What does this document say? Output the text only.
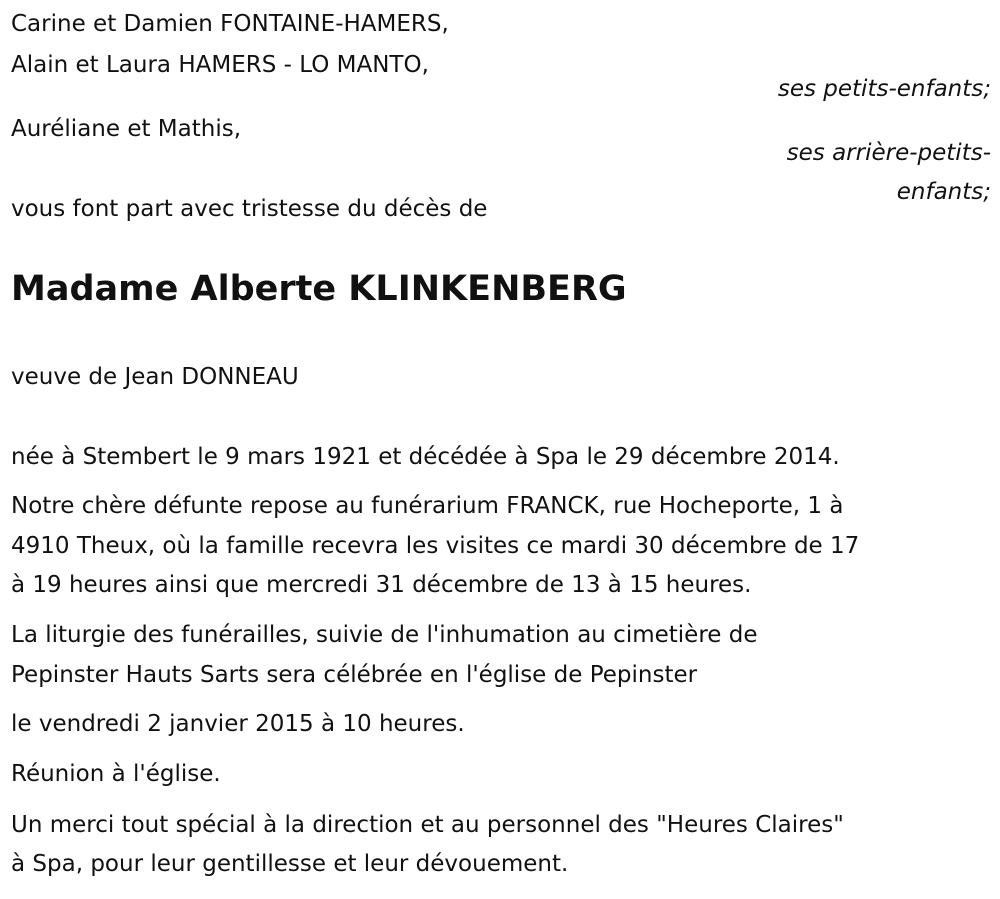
Carine et Damien FONTAINE-HAMERS,
Alain et Laura HAMERS - LO MANTO,
ses petits-enfants;
Auréliane et Mathis,
ses arrière-petits-
enfants;
vous font part avec tristesse du décès de
Madame Alberte KLINKENBERG
veuve de Jean DONNEAU
née à Stembert le 9 mars 1921 et décédée à Spa le 29 décembre 2014.
Notre chère défunte repose au funérarium FRANCK, rue Hocheporte, 1 à
4910 Theux, où la famille recevra les visites ce mardi 30 décembre de 17
à 19 heures ainsi que mercredi 31 décembre de 13 à 15 heures.
La liturgie des funérailles, suivie de l'inhumation au cimetière de
Pepinster Hauts Sarts sera célébrée en l'église de Pepinster
le vendredi 2 janvier 2015 à 10 heures.
Réunion à l'église.
Un merci tout spécial à la direction et au personnel des "Heures Claires"
à Spa, pour leur gentillesse et leur dévouement.
